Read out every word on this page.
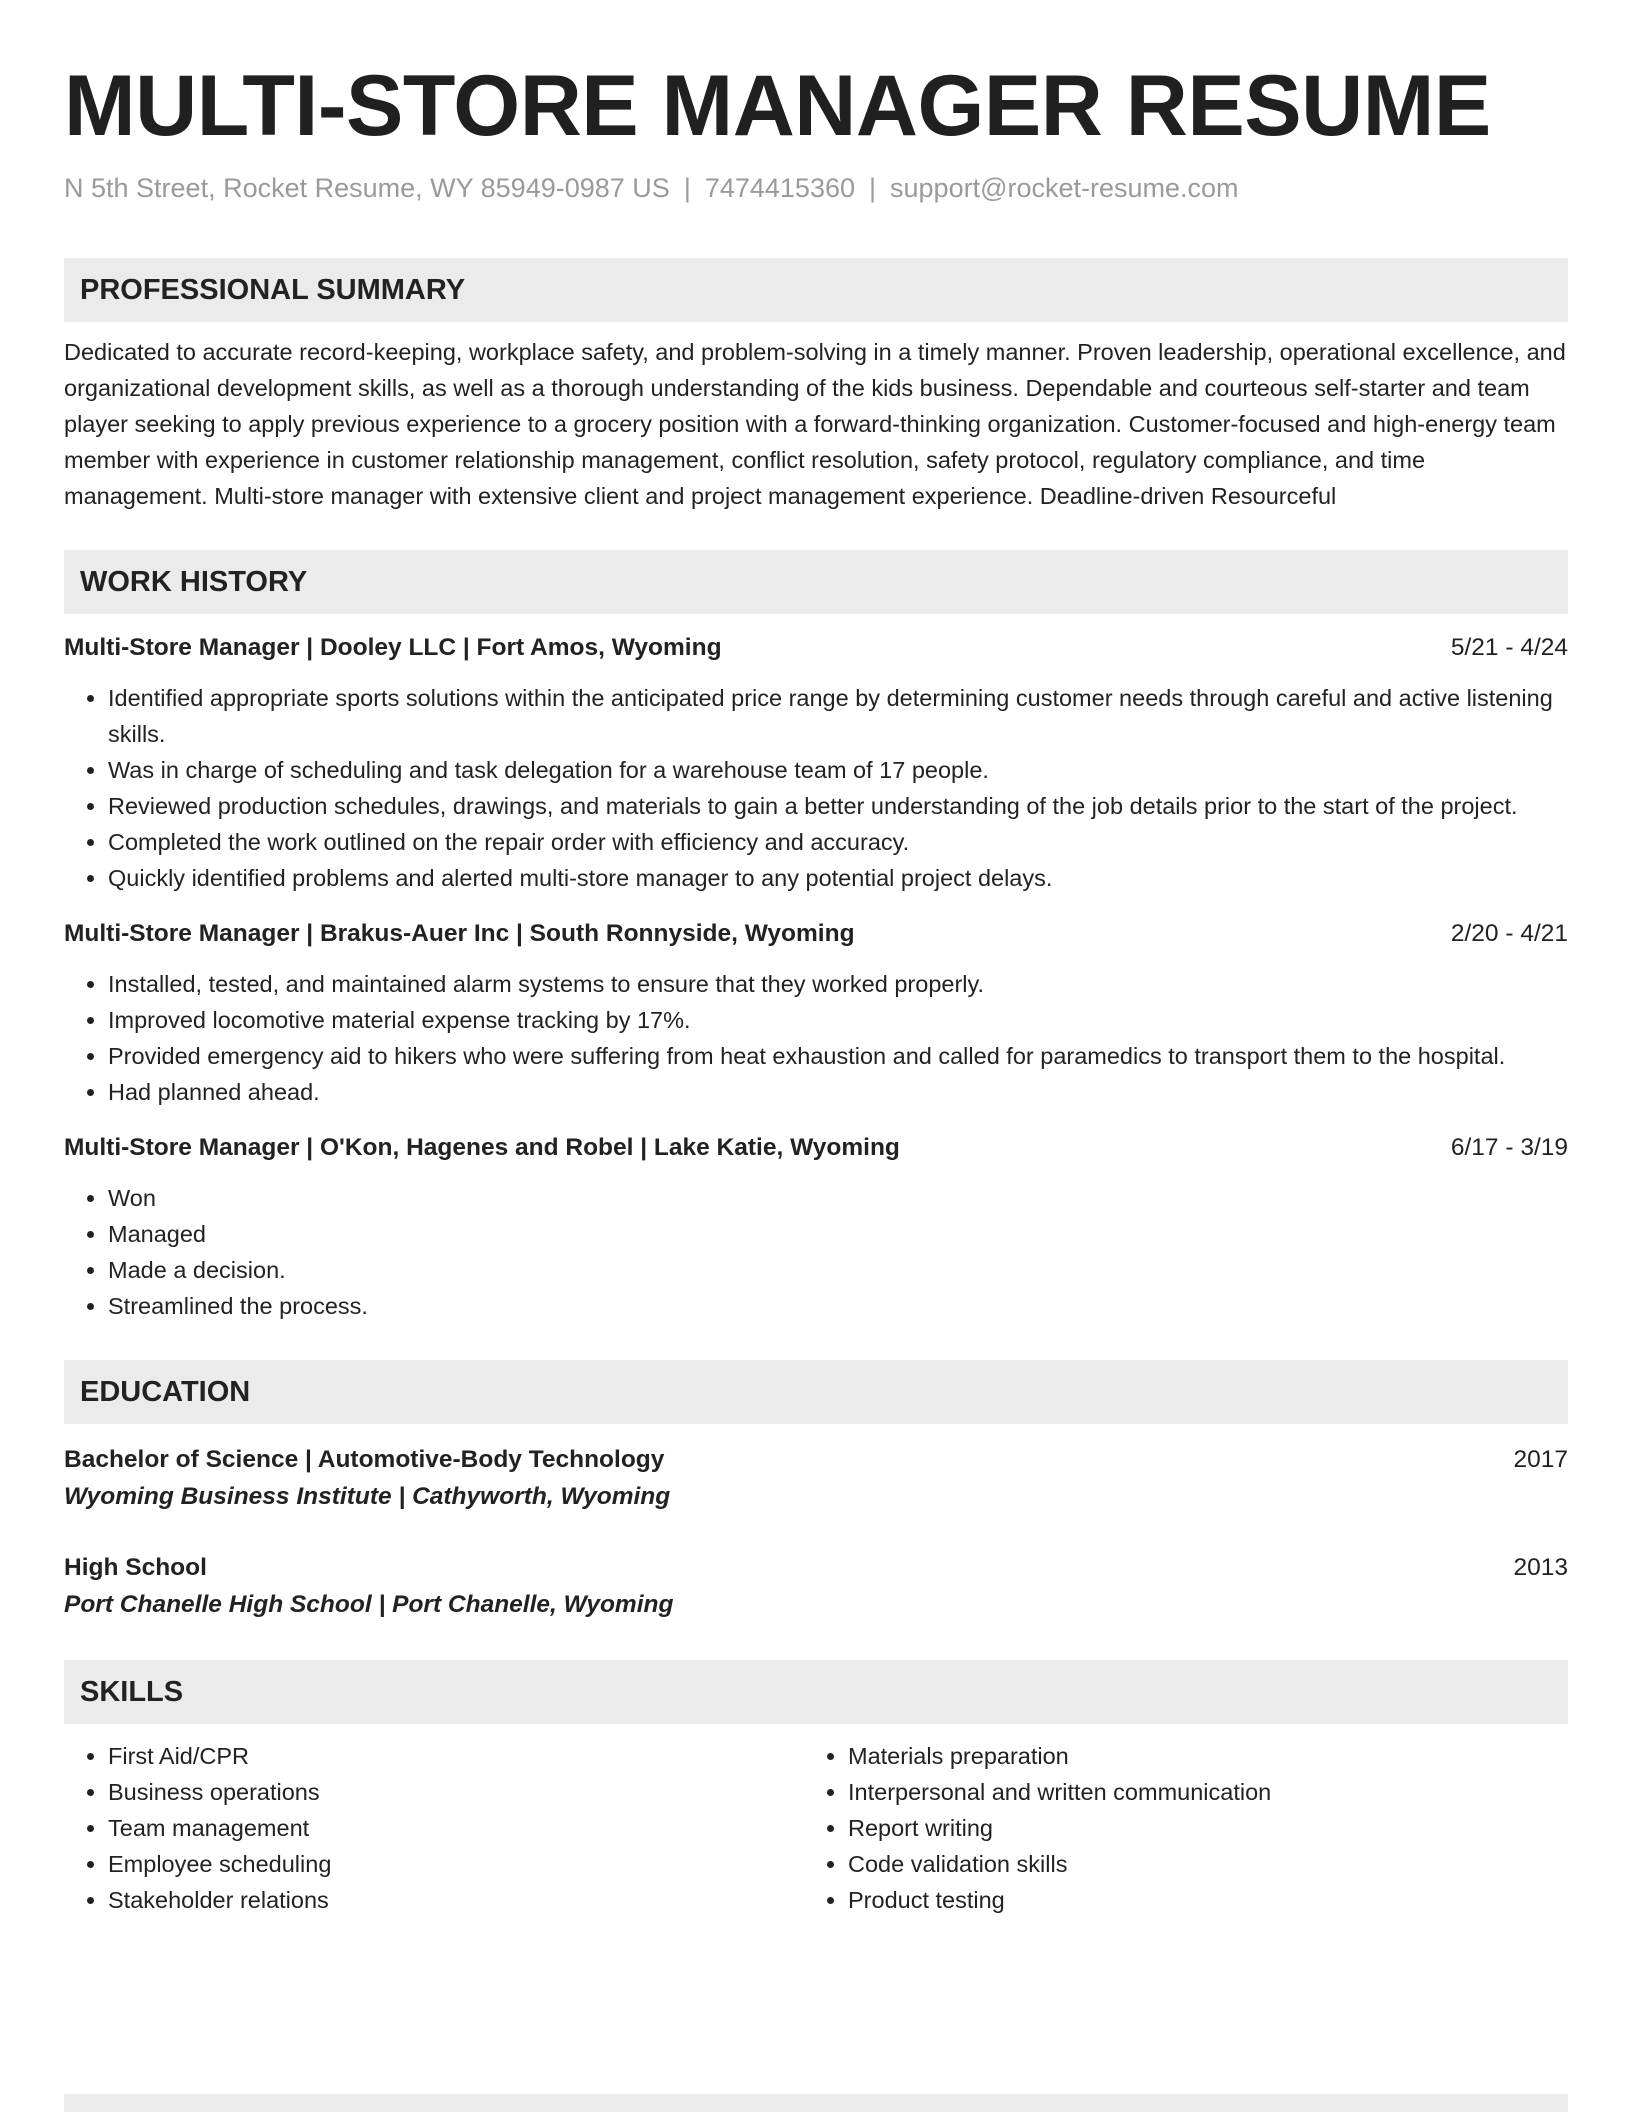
MULTI-STORE MANAGER RESUME
N 5th Street, Rocket Resume, WY 85949-0987 US | 7474415360 | support@rocket-resume.com
PROFESSIONAL SUMMARY
Dedicated to accurate record-keeping, workplace safety, and problem-solving in a timely manner. Proven leadership, operational excellence, and organizational development skills, as well as a thorough understanding of the kids business. Dependable and courteous self-starter and team player seeking to apply previous experience to a grocery position with a forward-thinking organization. Customer-focused and high-energy team member with experience in customer relationship management, conflict resolution, safety protocol, regulatory compliance, and time management. Multi-store manager with extensive client and project management experience. Deadline-driven Resourceful
WORK HISTORY
Multi-Store Manager | Dooley LLC | Fort Amos, Wyoming	5/21 - 4/24
• Identified appropriate sports solutions within the anticipated price range by determining customer needs through careful and active listening skills.
• Was in charge of scheduling and task delegation for a warehouse team of 17 people.
• Reviewed production schedules, drawings, and materials to gain a better understanding of the job details prior to the start of the project.
• Completed the work outlined on the repair order with efficiency and accuracy.
• Quickly identified problems and alerted multi-store manager to any potential project delays.
Multi-Store Manager | Brakus-Auer Inc | South Ronnyside, Wyoming	2/20 - 4/21
• Installed, tested, and maintained alarm systems to ensure that they worked properly.
• Improved locomotive material expense tracking by 17%.
• Provided emergency aid to hikers who were suffering from heat exhaustion and called for paramedics to transport them to the hospital.
• Had planned ahead.
Multi-Store Manager | O'Kon, Hagenes and Robel | Lake Katie, Wyoming	6/17 - 3/19
• Won
• Managed
• Made a decision.
• Streamlined the process.
EDUCATION
Bachelor of Science | Automotive-Body Technology	2017
Wyoming Business Institute | Cathyworth, Wyoming
High School	2013
Port Chanelle High School | Port Chanelle, Wyoming
SKILLS
• First Aid/CPR
• Business operations
• Team management
• Employee scheduling
• Stakeholder relations
• Materials preparation
• Interpersonal and written communication
• Report writing
• Code validation skills
• Product testing
